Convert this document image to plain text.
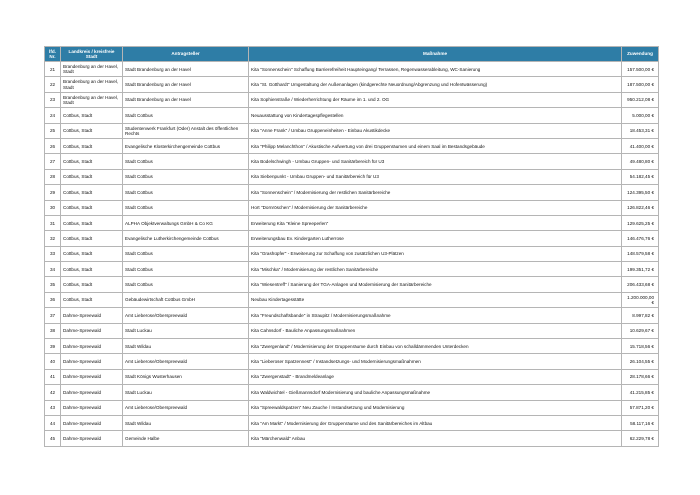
lfd. Nr.	Landkreis / kreisfreie Stadt	Antragsteller	Maßnahme	Zuwendung
21	Brandenburg an der Havel, Stadt	Stadt Brandenburg an der Havel	Kita "Sonnenschein" Schaffung Barrierefreiheit Haupteingang/ Terrassen, Regenwasserableitung, WC-Sanierung	157.500,00 €
22	Brandenburg an der Havel, Stadt	Stadt Brandenburg an der Havel	Kita "St. Gotthardt" Umgestaltung der Außenanlagen (kindgerechte Neuordnung/Abgrenzung und Hofentwässerung)	187.500,00 €
23	Brandenburg an der Havel, Stadt	Stadt Brandenburg an der Havel	Kita Sophienstraße / Wiederherrichtung der Räume im 1. und 2. OG	950.212,08 €
24	Cottbus, Stadt	Stadt Cottbus	Neuausstattung von Kindertagespflegestellen	5.000,00 €
25	Cottbus, Stadt	Studentenwerk Frankfurt (Oder) Anstalt des öffentlichen Rechts	Kita "Anne Frank" / Umbau Gruppeneinheiten - Einbau Akustikdecke	18.453,31 €
26	Cottbus, Stadt	Evangelische Klosterkirchengemeinde Cottbus	Kita "Philipp Melanchthon" / Akustische Aufwertung von drei Gruppenräumen und einem Saal im Bestandsgebäude	41.400,00 €
27	Cottbus, Stadt	Stadt Cottbus	Kita Bodelschwingh - Umbau Gruppen- und Sanitärbereich für U3	49.480,80 €
28	Cottbus, Stadt	Stadt Cottbus	Kita Siebenpunkt - Umbau Gruppen- und Sanitärbereich für U3	54.182,45 €
29	Cottbus, Stadt	Stadt Cottbus	Kita "Sonnenschein" / Modernisierung der restlichen Sanitärbereiche	124.395,50 €
30	Cottbus, Stadt	Stadt Cottbus	Hort "Dornröschen" / Modernisierung der Sanitärbereiche	126.822,46 €
31	Cottbus, Stadt	ALPHA Objektverwaltungs GmbH & Co KG	Erweiterung Kita "Kleine Spreeperlen"	129.625,25 €
32	Cottbus, Stadt	Evangelische Lutherkirchengemeinde Cottbus	Erweiterungsbau Ev. Kindergarten Lutherrose	146.476,76 €
33	Cottbus, Stadt	Stadt Cottbus	Kita "Grashüpfer" - Erweiterung zur Schaffung von zusätzlichen U3-Plätzen	148.579,58 €
34	Cottbus, Stadt	Stadt Cottbus	Kita "Mischka" / Modernisierung der restlichen Sanitärbereiche	199.351,72 €
35	Cottbus, Stadt	Stadt Cottbus	Kita "Wiesentreff" / Sanierung der TGA-Anlagen und Modernisierung der Sanitärbereiche	206.433,68 €
36	Cottbus, Stadt	Gebäudewirtschaft Cottbus GmbH	Neubau Kindertagesstätte	1.200.000,00 €
37	Dahme-Spreewald	Amt Lieberose/Oberspreewald	Kita "Freundschaftsbande" in Straupitz / Modernisierungsmaßnahme	8.997,82 €
38	Dahme-Spreewald	Stadt Luckau	Kita Cahnsdorf - Bauliche Anpassungsmaßnahmen	10.629,67 €
39	Dahme-Spreewald	Stadt Wildau	Kita "Zwergenland" / Modernisierung der Gruppenräume durch Einbau von schalldämmenden Unterdecken	15.718,56 €
40	Dahme-Spreewald	Amt Lieberose/Oberspreewald	Kita "Lieberoser Spatzennest" / Instandsetzungs- und Modernisierungsmaßnahmen	26.104,55 €
41	Dahme-Spreewald	Stadt Königs Wusterhausen	Kita "Zwergenstadt" - Brandmeldeanlage	28.178,66 €
42	Dahme-Spreewald	Stadt Luckau	Kita Waldwichtel - Gießmannsdorf Modernisierung und bauliche Anpassungsmaßnahme	41.215,85 €
43	Dahme-Spreewald	Amt Lieberose/Oberspreewald	Kita "Spreewaldspatzen" Neu Zauche / Instandsetzung und Modernisierung	57.871,20 €
44	Dahme-Spreewald	Stadt Wildau	Kita "Am Markt" / Modernisierung der Gruppenräume und des Sanitärbereiches im Altbau	58.117,16 €
45	Dahme-Spreewald	Gemeinde Halbe	Kita "Märchenwald" Anbau	62.229,78 €
